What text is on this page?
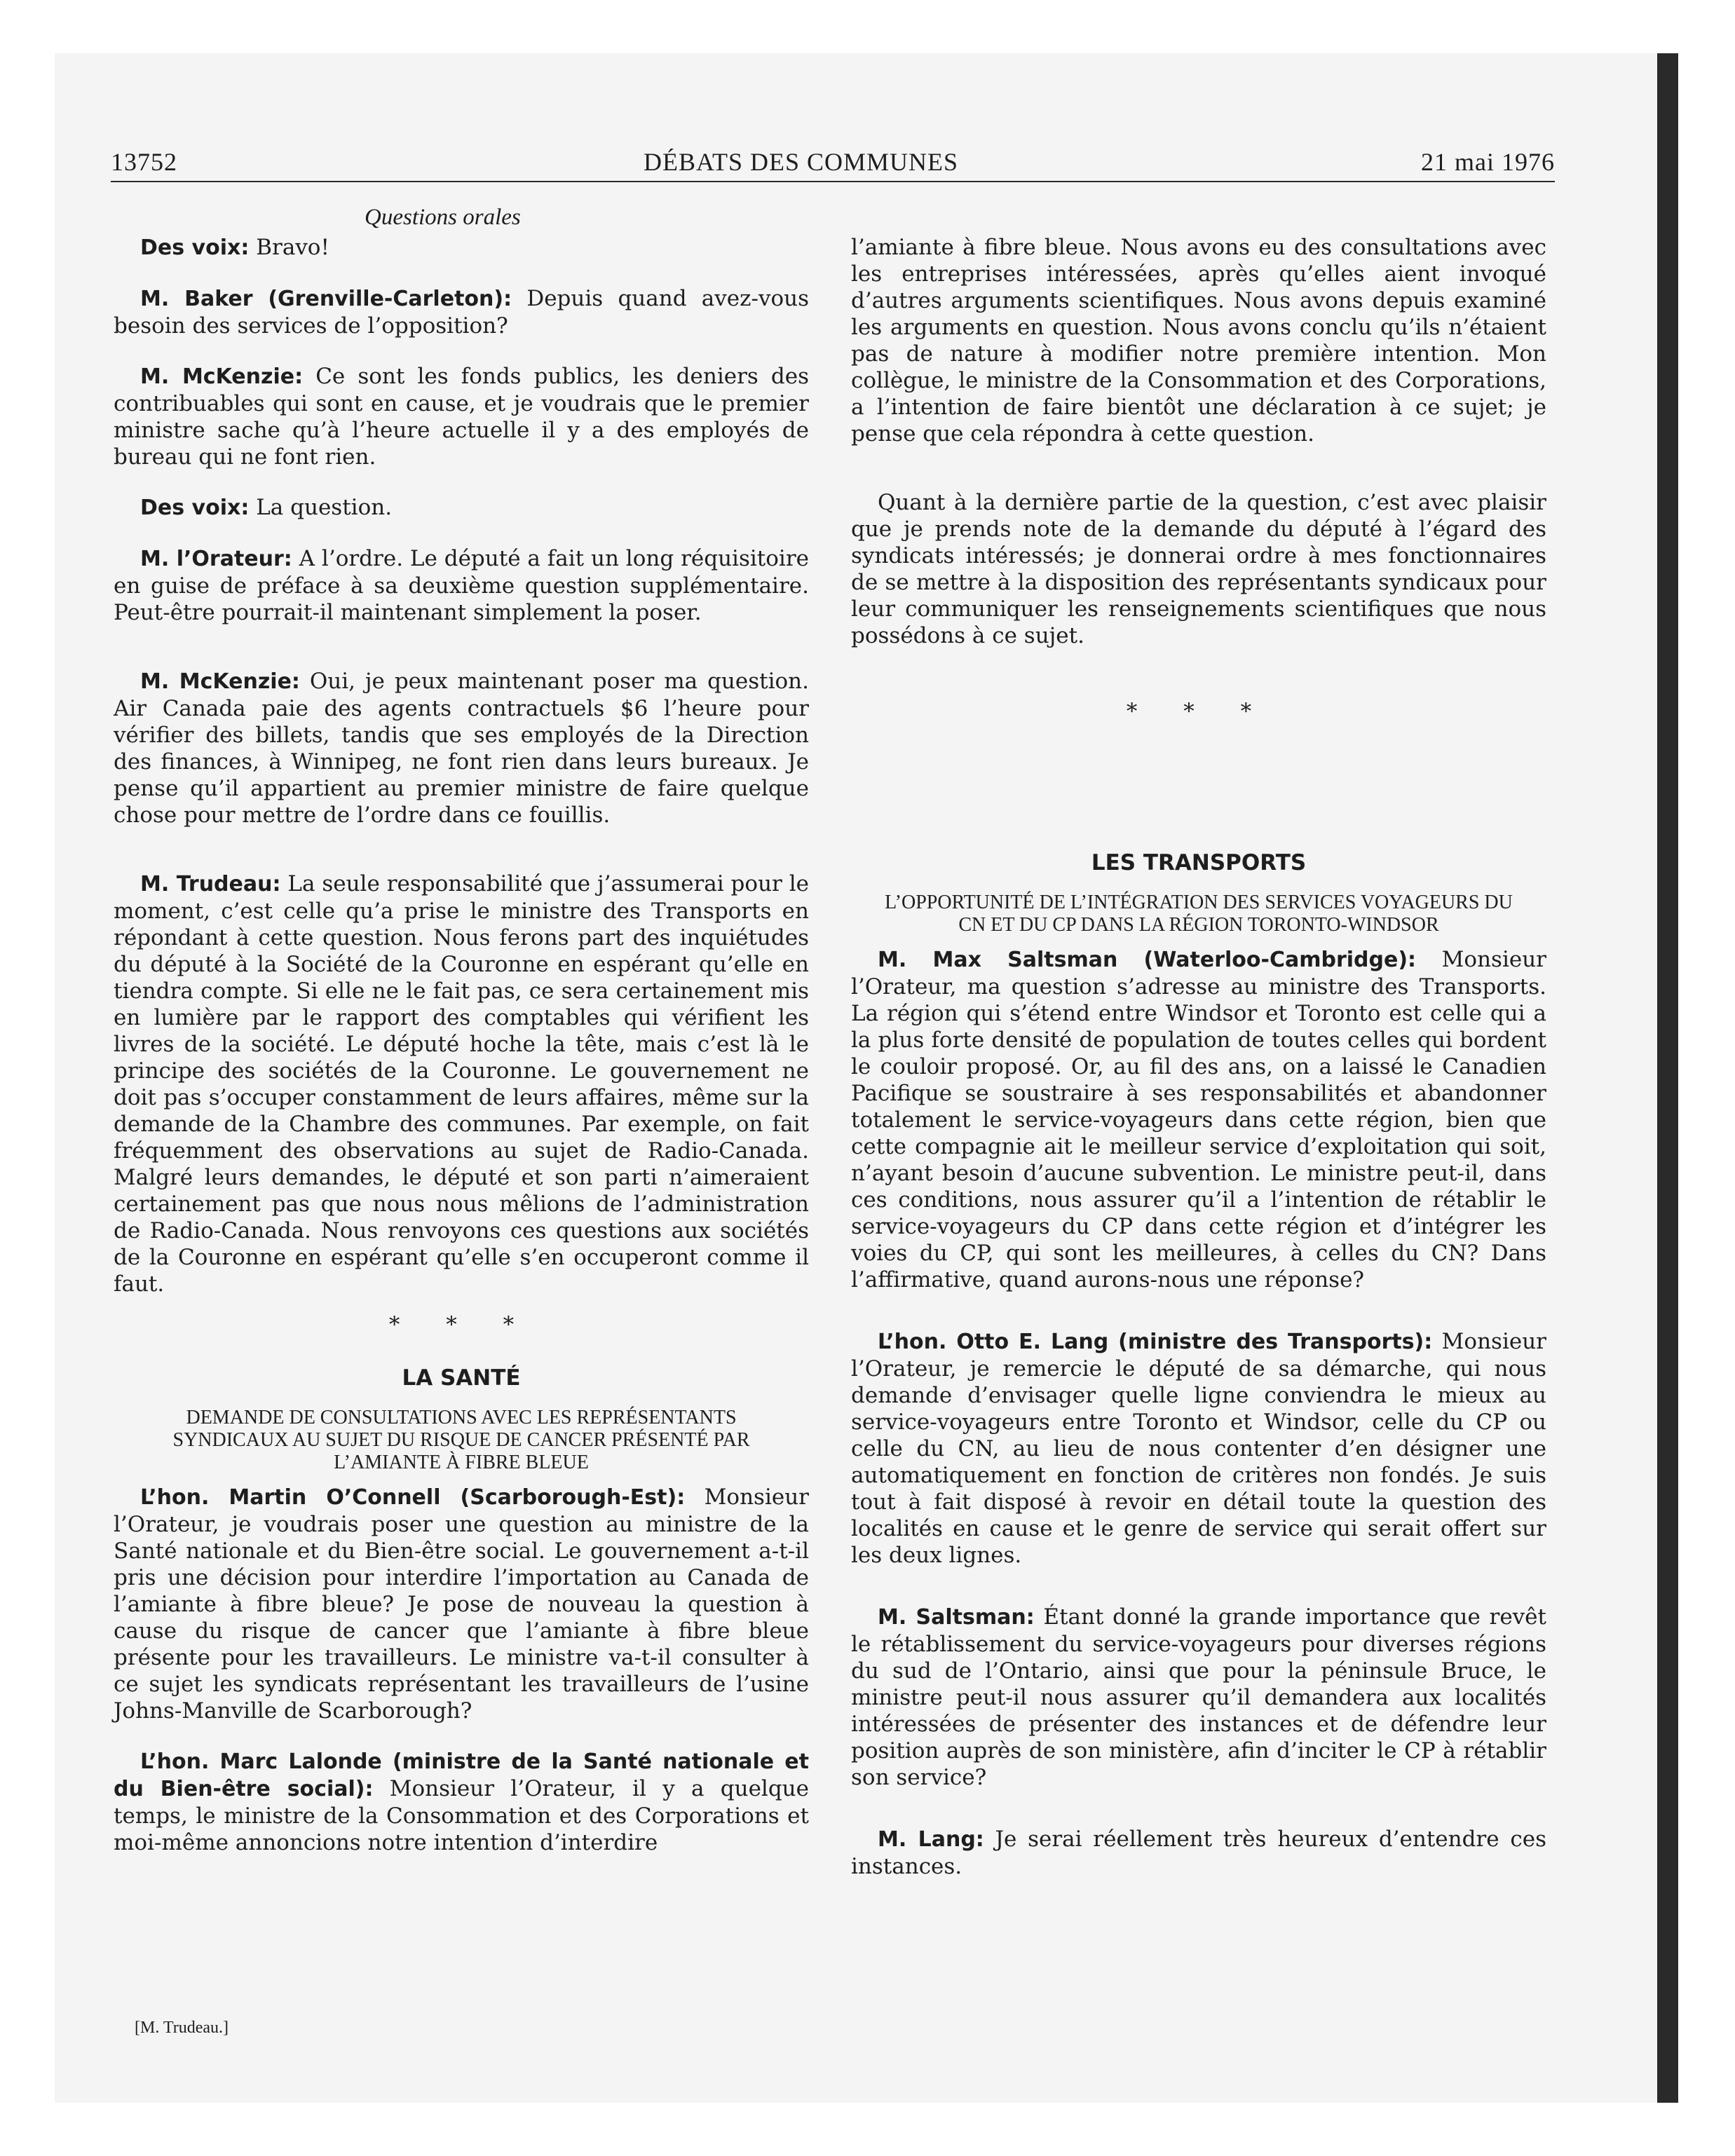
13752	DÉBATS DES COMMUNES	21 mai 1976
Questions orales

Des voix: Bravo!

M. Baker (Grenville-Carleton): Depuis quand avez-vous besoin des services de l’opposition?

M. McKenzie: Ce sont les fonds publics, les deniers des contribuables qui sont en cause, et je voudrais que le premier ministre sache qu’à l’heure actuelle il y a des employés de bureau qui ne font rien.

Des voix: La question.

M. l’Orateur: A l’ordre. Le député a fait un long réquisitoire en guise de préface à sa deuxième question supplémentaire. Peut-être pourrait-il maintenant simplement la poser.

M. McKenzie: Oui, je peux maintenant poser ma question. Air Canada paie des agents contractuels $6 l’heure pour vérifier des billets, tandis que ses employés de la Direction des finances, à Winnipeg, ne font rien dans leurs bureaux. Je pense qu’il appartient au premier ministre de faire quelque chose pour mettre de l’ordre dans ce fouillis.

M. Trudeau: La seule responsabilité que j’assumerai pour le moment, c’est celle qu’a prise le ministre des Transports en répondant à cette question. Nous ferons part des inquiétudes du député à la Société de la Couronne en espérant qu’elle en tiendra compte. Si elle ne le fait pas, ce sera certainement mis en lumière par le rapport des comptables qui vérifient les livres de la société. Le député hoche la tête, mais c’est là le principe des sociétés de la Couronne. Le gouvernement ne doit pas s’occuper constamment de leurs affaires, même sur la demande de la Chambre des communes. Par exemple, on fait fréquemment des observations au sujet de Radio-Canada. Malgré leurs demandes, le député et son parti n’aimeraient certainement pas que nous nous mêlions de l’administration de Radio-Canada. Nous renvoyons ces questions aux sociétés de la Couronne en espérant qu’elle s’en occuperont comme il faut.

* * *

LA SANTÉ

DEMANDE DE CONSULTATIONS AVEC LES REPRÉSENTANTS SYNDICAUX AU SUJET DU RISQUE DE CANCER PRÉSENTÉ PAR L’AMIANTE À FIBRE BLEUE

L’hon. Martin O’Connell (Scarborough-Est): Monsieur l’Orateur, je voudrais poser une question au ministre de la Santé nationale et du Bien-être social. Le gouvernement a-t-il pris une décision pour interdire l’importation au Canada de l’amiante à fibre bleue? Je pose de nouveau la question à cause du risque de cancer que l’amiante à fibre bleue présente pour les travailleurs. Le ministre va-t-il consulter à ce sujet les syndicats représentant les travailleurs de l’usine Johns-Manville de Scarborough?

L’hon. Marc Lalonde (ministre de la Santé nationale et du Bien-être social): Monsieur l’Orateur, il y a quelque temps, le ministre de la Consommation et des Corporations et moi-même annoncions notre intention d’interdire

[M. Trudeau.]

l’amiante à fibre bleue. Nous avons eu des consultations avec les entreprises intéressées, après qu’elles aient invoqué d’autres arguments scientifiques. Nous avons depuis examiné les arguments en question. Nous avons conclu qu’ils n’étaient pas de nature à modifier notre première intention. Mon collègue, le ministre de la Consommation et des Corporations, a l’intention de faire bientôt une déclaration à ce sujet; je pense que cela répondra à cette question.

Quant à la dernière partie de la question, c’est avec plaisir que je prends note de la demande du député à l’égard des syndicats intéressés; je donnerai ordre à mes fonctionnaires de se mettre à la disposition des représentants syndicaux pour leur communiquer les renseignements scientifiques que nous possédons à ce sujet.

* * *

LES TRANSPORTS

L’OPPORTUNITÉ DE L’INTÉGRATION DES SERVICES VOYAGEURS DU CN ET DU CP DANS LA RÉGION TORONTO-WINDSOR

M. Max Saltsman (Waterloo-Cambridge): Monsieur l’Orateur, ma question s’adresse au ministre des Transports. La région qui s’étend entre Windsor et Toronto est celle qui a la plus forte densité de population de toutes celles qui bordent le couloir proposé. Or, au fil des ans, on a laissé le Canadien Pacifique se soustraire à ses responsabilités et abandonner totalement le service-voyageurs dans cette région, bien que cette compagnie ait le meilleur service d’exploitation qui soit, n’ayant besoin d’aucune subvention. Le ministre peut-il, dans ces conditions, nous assurer qu’il a l’intention de rétablir le service-voyageurs du CP dans cette région et d’intégrer les voies du CP, qui sont les meilleures, à celles du CN? Dans l’affirmative, quand aurons-nous une réponse?

L’hon. Otto E. Lang (ministre des Transports): Monsieur l’Orateur, je remercie le député de sa démarche, qui nous demande d’envisager quelle ligne conviendra le mieux au service-voyageurs entre Toronto et Windsor, celle du CP ou celle du CN, au lieu de nous contenter d’en désigner une automatiquement en fonction de critères non fondés. Je suis tout à fait disposé à revoir en détail toute la question des localités en cause et le genre de service qui serait offert sur les deux lignes.

M. Saltsman: Étant donné la grande importance que revêt le rétablissement du service-voyageurs pour diverses régions du sud de l’Ontario, ainsi que pour la péninsule Bruce, le ministre peut-il nous assurer qu’il demandera aux localités intéressées de présenter des instances et de défendre leur position auprès de son ministère, afin d’inciter le CP à rétablir son service?

M. Lang: Je serai réellement très heureux d’entendre ces instances.
